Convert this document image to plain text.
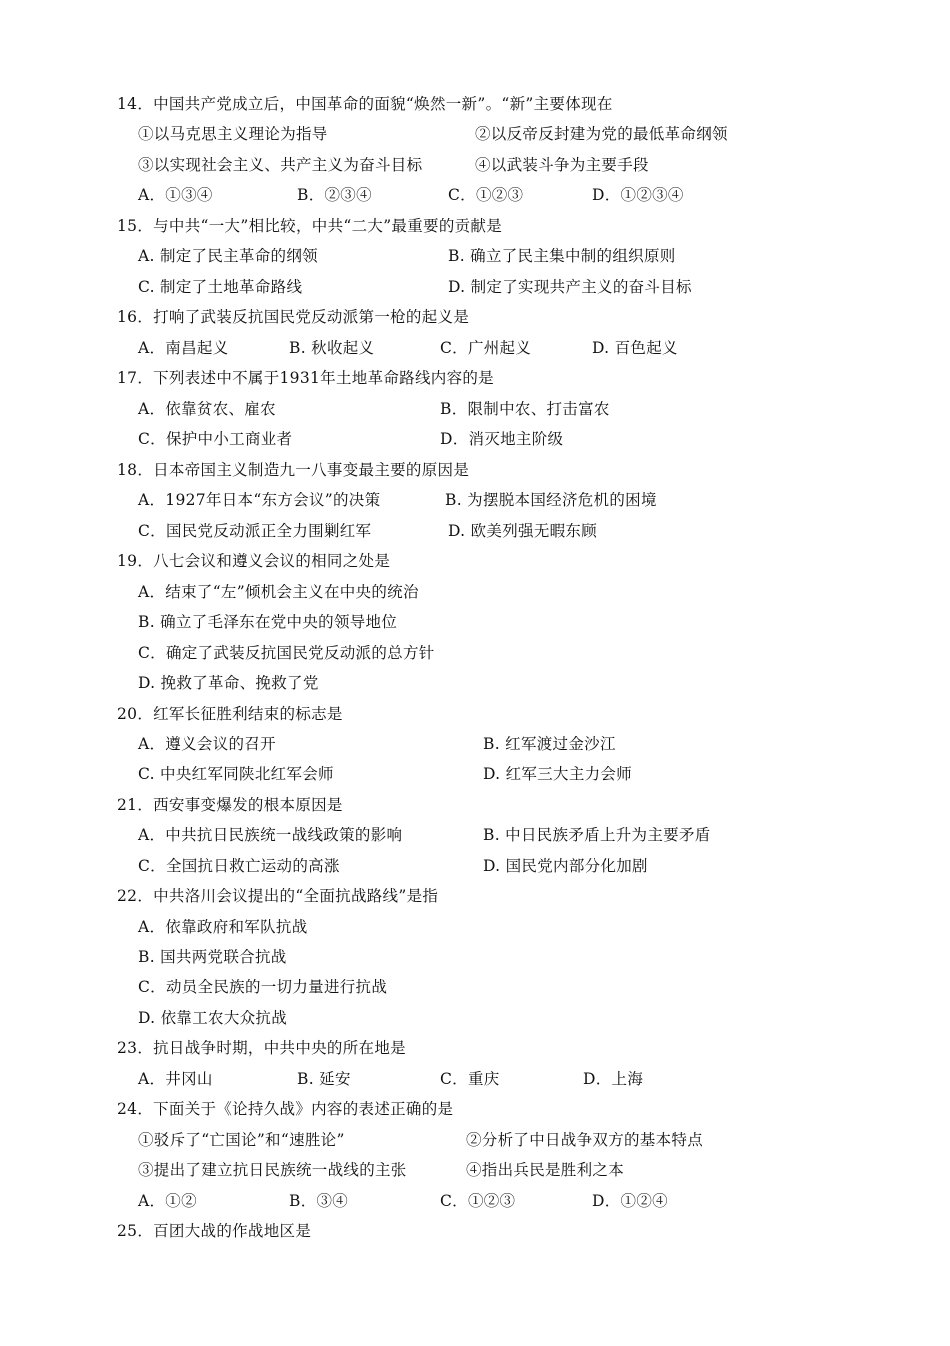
14．中国共产党成立后，中国革命的面貌“焕然一新”。“新”主要体现在
①以马克思主义理论为指导	②以反帝反封建为党的最低革命纲领
③以实现社会主义、共产主义为奋斗目标	④以武装斗争为主要手段
A．①③④	B．②③④	C．①②③	D．①②③④
15．与中共“一大”相比较，中共“二大”最重要的贡献是
A. 制定了民主革命的纲领	B. 确立了民主集中制的组织原则
C. 制定了土地革命路线	D. 制定了实现共产主义的奋斗目标
16．打响了武装反抗国民党反动派第一枪的起义是
A．南昌起义	B. 秋收起义	C．广州起义	D. 百色起义
17．下列表述中不属于1931年土地革命路线内容的是
A．依靠贫农、雇农	B．限制中农、打击富农
C．保护中小工商业者	D．消灭地主阶级
18．日本帝国主义制造九一八事变最主要的原因是
A．1927年日本“东方会议”的决策	B. 为摆脱本国经济危机的困境
C．国民党反动派正全力围剿红军	D. 欧美列强无暇东顾
19．八七会议和遵义会议的相同之处是
A．结束了“左”倾机会主义在中央的统治
B. 确立了毛泽东在党中央的领导地位
C．确定了武装反抗国民党反动派的总方针
D. 挽救了革命、挽救了党
20．红军长征胜利结束的标志是
A．遵义会议的召开	B. 红军渡过金沙江
C. 中央红军同陕北红军会师	D. 红军三大主力会师
21．西安事变爆发的根本原因是
A．中共抗日民族统一战线政策的影响	B. 中日民族矛盾上升为主要矛盾
C．全国抗日救亡运动的高涨	D. 国民党内部分化加剧
22．中共洛川会议提出的“全面抗战路线”是指
A．依靠政府和军队抗战
B. 国共两党联合抗战
C．动员全民族的一切力量进行抗战
D. 依靠工农大众抗战
23．抗日战争时期，中共中央的所在地是
A．井冈山	B. 延安	C．重庆	D．上海
24．下面关于《论持久战》内容的表述正确的是
①驳斥了“亡国论”和“速胜论”	②分析了中日战争双方的基本特点
③提出了建立抗日民族统一战线的主张	④指出兵民是胜利之本
A．①②	B．③④	C．①②③	D．①②④
25．百团大战的作战地区是
